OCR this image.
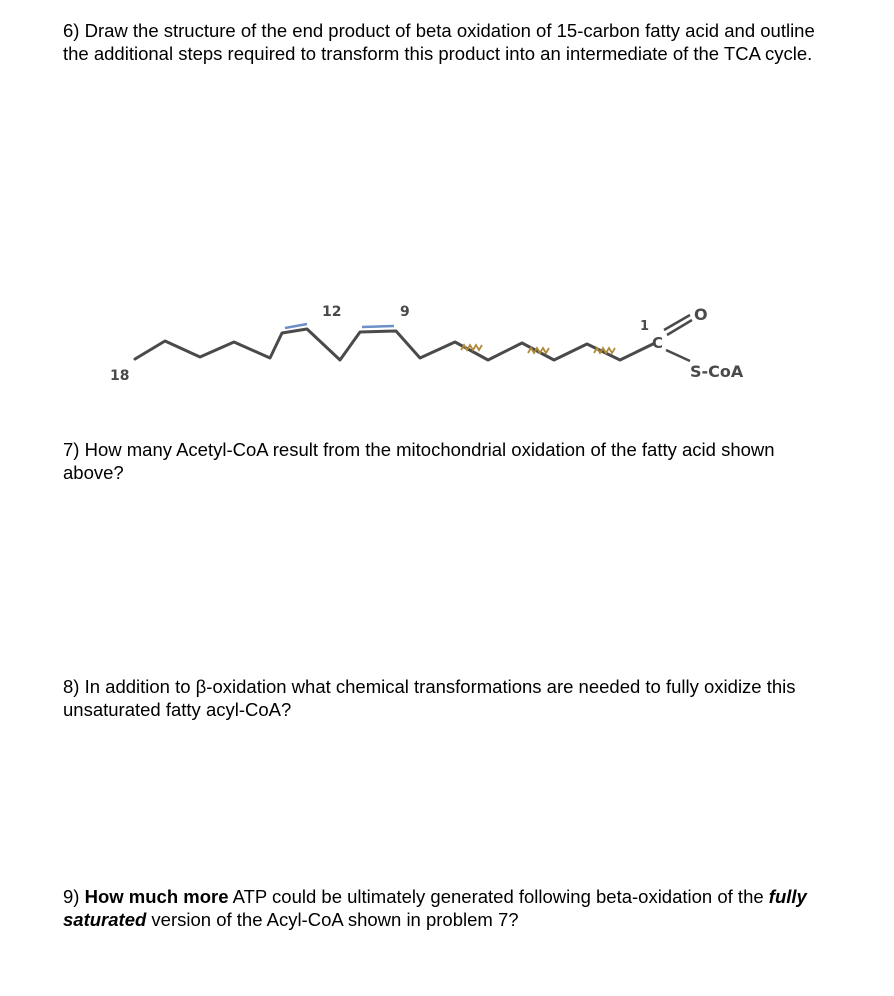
6) Draw the structure of the end product of beta oxidation of 15-carbon fatty acid and outline the additional steps required to transform this product into an intermediate of the TCA cycle.
18
12	9
1
C
O
S-CoA
7) How many Acetyl-CoA result from the mitochondrial oxidation of the fatty acid shown above?
8) In addition to β-oxidation what chemical transformations are needed to fully oxidize this unsaturated fatty acyl-CoA?
9) How much more ATP could be ultimately generated following beta-oxidation of the fully saturated version of the Acyl-CoA shown in problem 7?
